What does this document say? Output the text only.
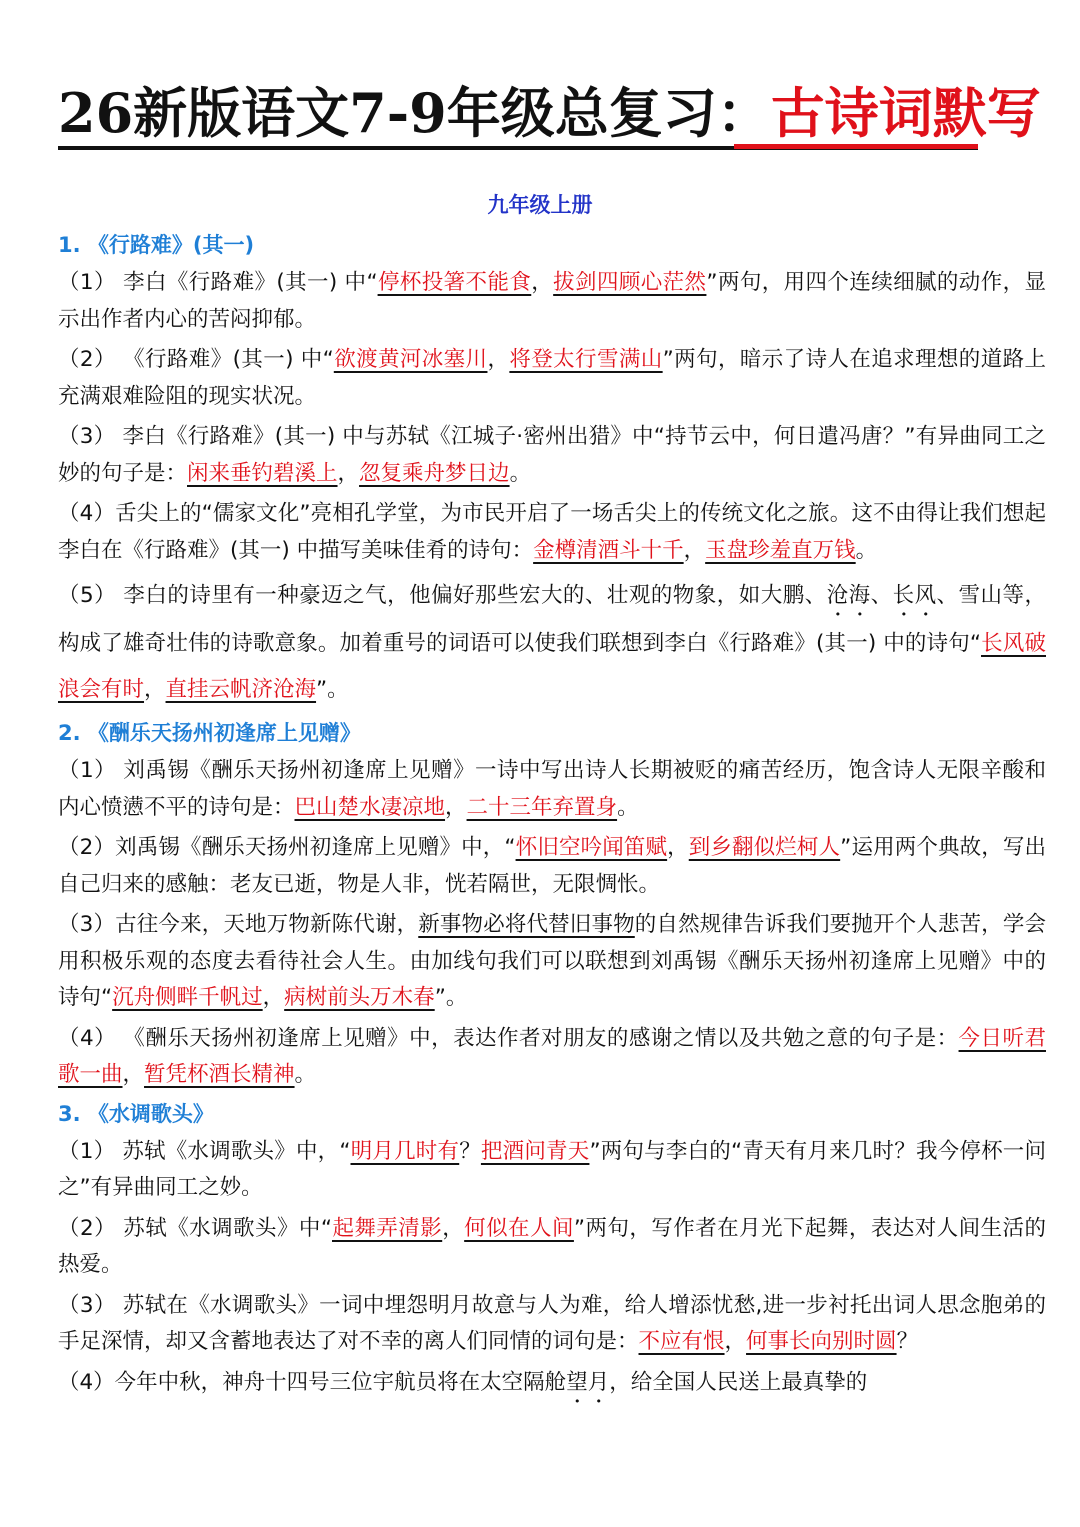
26新版语文7-9年级总复习：古诗词默写
九年级上册
1. 《行路难》(其一)

（1） 李白《行路难》(其一) 中“停杯投箸不能食，拔剑四顾心茫然”两句，用四个连续细腻的动作，显示出作者内心的苦闷抑郁。

（2） 《行路难》(其一) 中“欲渡黄河冰塞川，将登太行雪满山”两句，暗示了诗人在追求理想的道路上充满艰难险阻的现实状况。

（3） 李白《行路难》(其一) 中与苏轼《江城子·密州出猎》中“持节云中，何日遣冯唐？”有异曲同工之妙的句子是：闲来垂钓碧溪上，忽复乘舟梦日边。

（4）舌尖上的“儒家文化”亮相孔学堂，为市民开启了一场舌尖上的传统文化之旅。这不由得让我们想起李白在《行路难》(其一) 中描写美味佳肴的诗句：金樽清酒斗十千，玉盘珍羞直万钱。

（5） 李白的诗里有一种豪迈之气，他偏好那些宏大的、壮观的物象，如大鹏、沧海、长风、雪山等，构成了雄奇壮伟的诗歌意象。加着重号的词语可以使我们联想到李白《行路难》(其一) 中的诗句“长风破浪会有时，直挂云帆济沧海”。

2. 《酬乐天扬州初逢席上见赠》

（1） 刘禹锡《酬乐天扬州初逢席上见赠》一诗中写出诗人长期被贬的痛苦经历，饱含诗人无限辛酸和内心愤懑不平的诗句是：巴山楚水凄凉地，二十三年弃置身。

（2）刘禹锡《酬乐天扬州初逢席上见赠》中，“怀旧空吟闻笛赋，到乡翻似烂柯人”运用两个典故，写出自己归来的感触：老友已逝，物是人非，恍若隔世，无限惆怅。

（3）古往今来，天地万物新陈代谢，新事物必将代替旧事物的自然规律告诉我们要抛开个人悲苦，学会用积极乐观的态度去看待社会人生。由加线句我们可以联想到刘禹锡《酬乐天扬州初逢席上见赠》中的诗句“沉舟侧畔千帆过，病树前头万木春”。

（4） 《酬乐天扬州初逢席上见赠》中，表达作者对朋友的感谢之情以及共勉之意的句子是：今日听君歌一曲，暂凭杯酒长精神。

3. 《水调歌头》

（1） 苏轼《水调歌头》中，“明月几时有？把酒问青天”两句与李白的“青天有月来几时？我今停杯一问之”有异曲同工之妙。

（2） 苏轼《水调歌头》中“起舞弄清影，何似在人间”两句，写作者在月光下起舞，表达对人间生活的热爱。

（3） 苏轼在《水调歌头》一词中埋怨明月故意与人为难，给人增添忧愁,进一步衬托出词人思念胞弟的手足深情，却又含蓄地表达了对不幸的离人们同情的词句是：不应有恨，何事长向别时圆？

（4）今年中秋，神舟十四号三位宇航员将在太空隔舱望月，给全国人民送上最真挚的
